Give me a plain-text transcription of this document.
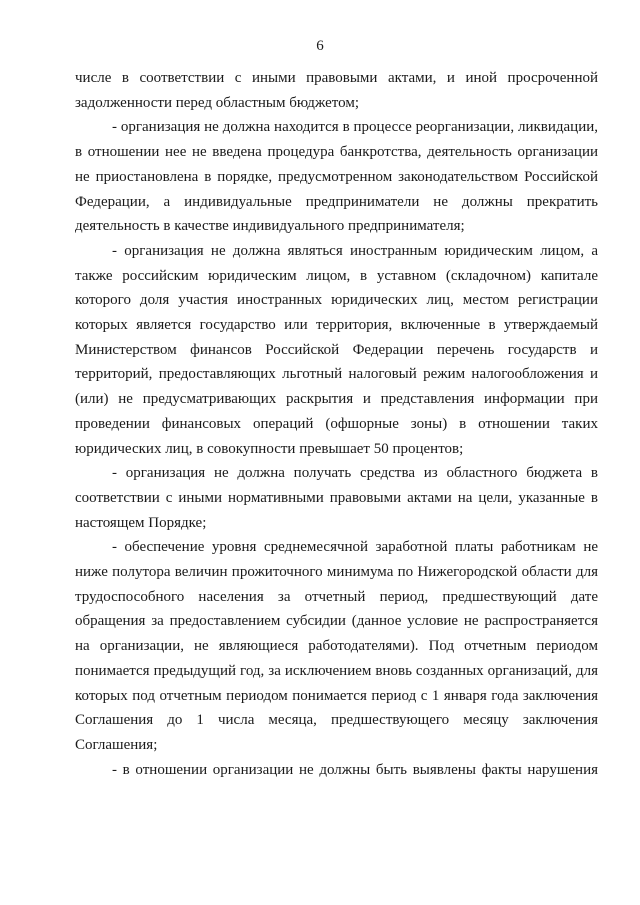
6

числе в соответствии с иными правовыми актами, и иной просроченной задолженности перед областным бюджетом;

- организация не должна находится в процессе реорганизации, ликвидации, в отношении нее не введена процедура банкротства, деятельность организации не приостановлена в порядке, предусмотренном законодательством Российской Федерации, а индивидуальные предприниматели не должны прекратить деятельность в качестве индивидуального предпринимателя;

- организация не должна являться иностранным юридическим лицом, а также российским юридическим лицом, в уставном (складочном) капитале которого доля участия иностранных юридических лиц, местом регистрации которых является государство или территория, включенные в утверждаемый Министерством финансов Российской Федерации перечень государств и территорий, предоставляющих льготный налоговый режим налогообложения и (или) не предусматривающих раскрытия и представления информации при проведении финансовых операций (офшорные зоны) в отношении таких юридических лиц, в совокупности превышает 50 процентов;

- организация не должна получать средства из областного бюджета в соответствии с иными нормативными правовыми актами на цели, указанные в настоящем Порядке;

- обеспечение уровня среднемесячной заработной платы работникам не ниже полутора величин прожиточного минимума по Нижегородской области для трудоспособного населения за отчетный период, предшествующий дате обращения за предоставлением субсидии (данное условие не распространяется на организации, не являющиеся работодателями). Под отчетным периодом понимается предыдущий год, за исключением вновь созданных организаций, для которых под отчетным периодом понимается период с 1 января года заключения Соглашения до 1 числа месяца, предшествующего месяцу заключения Соглашения;

- в отношении организации не должны быть выявлены факты нарушения
